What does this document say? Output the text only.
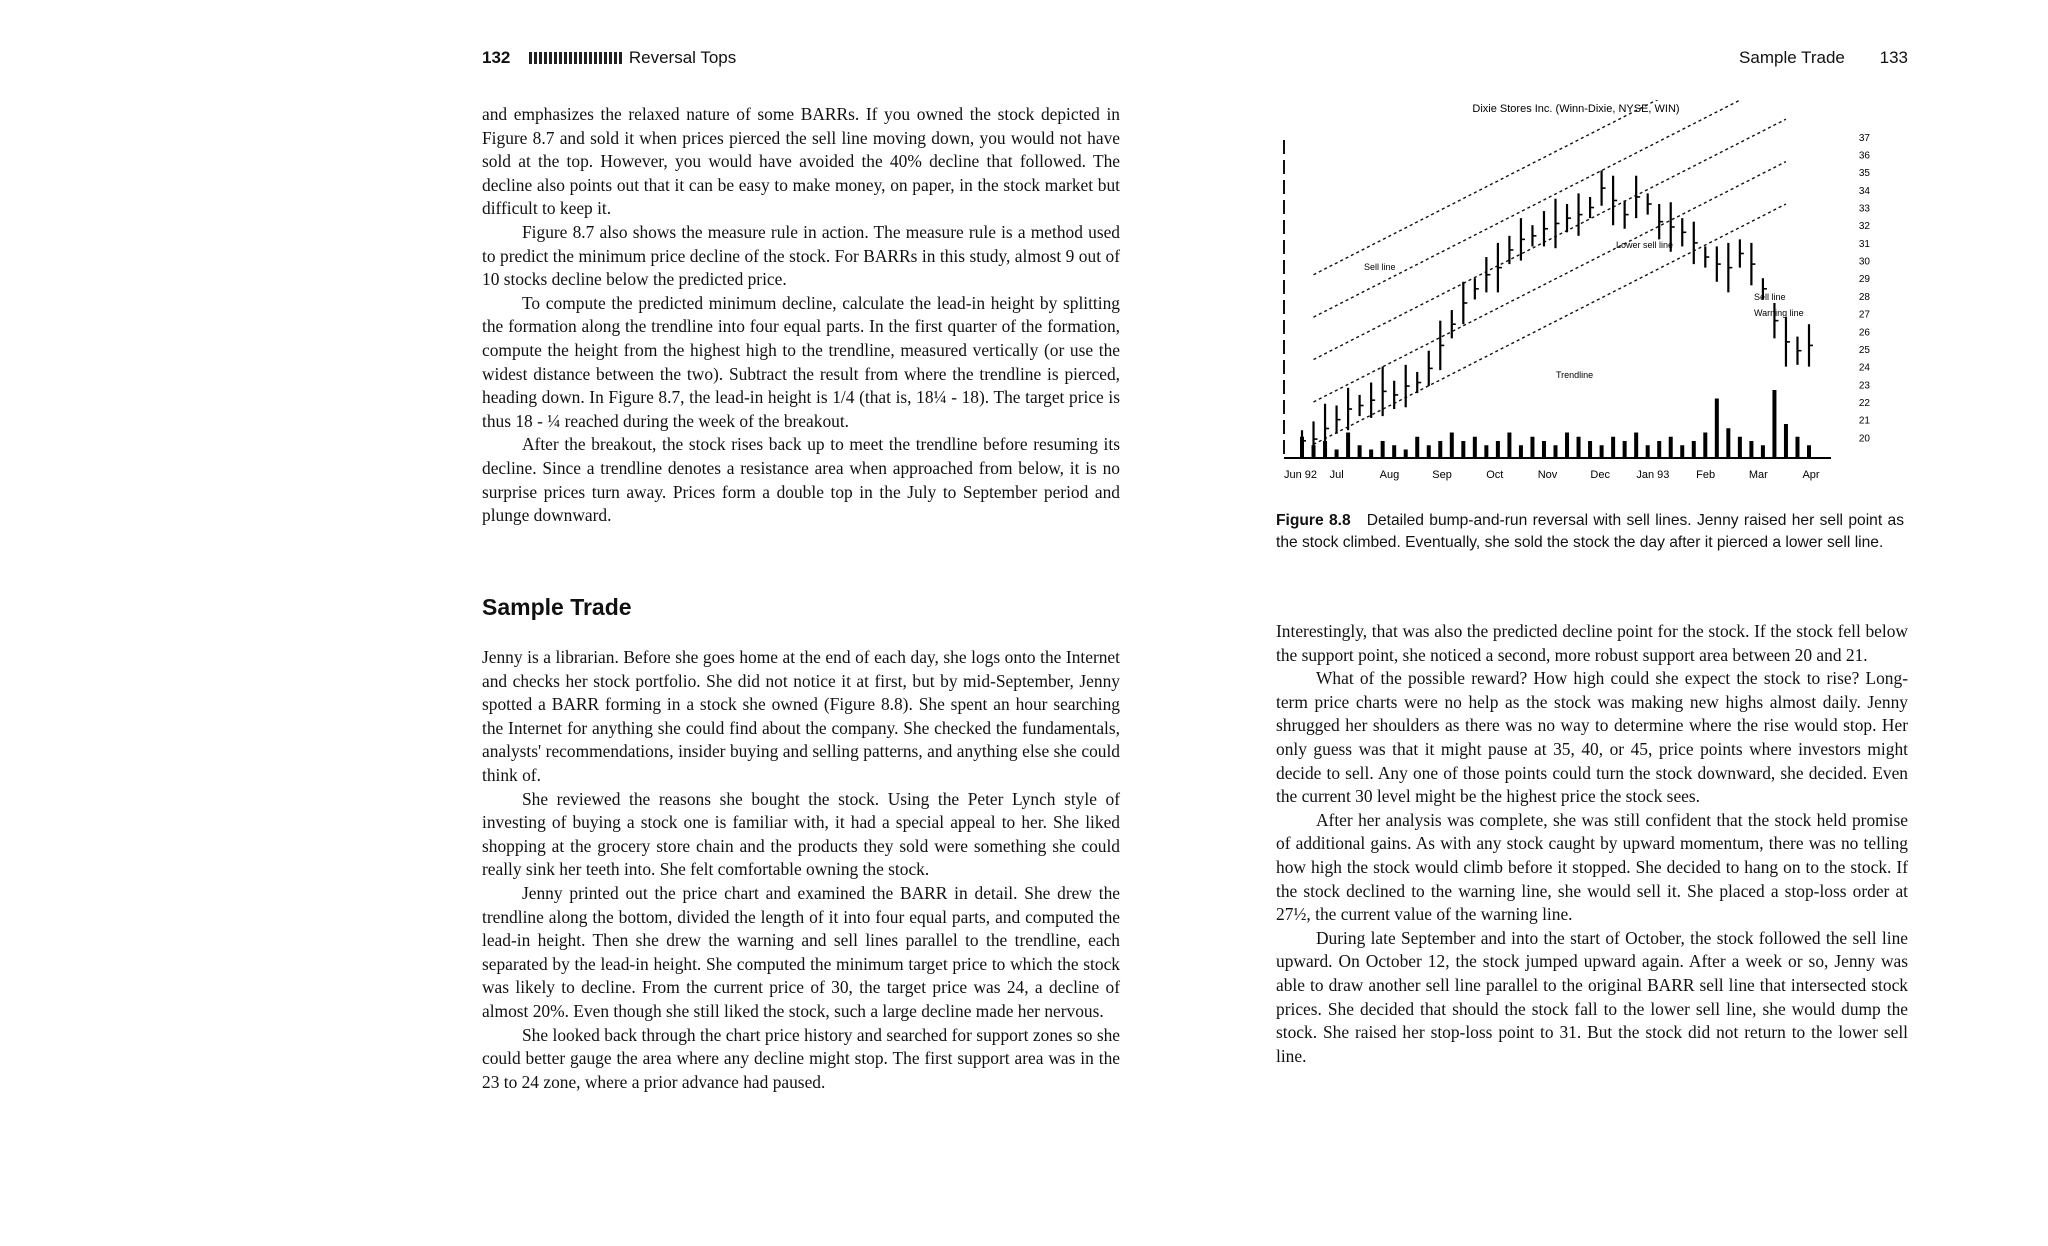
132	Reversal Tops

and emphasizes the relaxed nature of some BARRs. If you owned the stock depicted in Figure 8.7 and sold it when prices pierced the sell line moving down, you would not have sold at the top. However, you would have avoided the 40% decline that followed. The decline also points out that it can be easy to make money, on paper, in the stock market but difficult to keep it.

Figure 8.7 also shows the measure rule in action. The measure rule is a method used to predict the minimum price decline of the stock. For BARRs in this study, almost 9 out of 10 stocks decline below the predicted price.

To compute the predicted minimum decline, calculate the lead-in height by splitting the formation along the trendline into four equal parts. In the first quarter of the formation, compute the height from the highest high to the trendline, measured vertically (or use the widest distance between the two). Subtract the result from where the trendline is pierced, heading down. In Figure 8.7, the lead-in height is 1/4 (that is, 18¼ - 18). The target price is thus 18 - ¼ reached during the week of the breakout.

After the breakout, the stock rises back up to meet the trendline before resuming its decline. Since a trendline denotes a resistance area when approached from below, it is no surprise prices turn away. Prices form a double top in the July to September period and plunge downward.

Sample Trade

Jenny is a librarian. Before she goes home at the end of each day, she logs onto the Internet and checks her stock portfolio. She did not notice it at first, but by mid-September, Jenny spotted a BARR forming in a stock she owned (Figure 8.8). She spent an hour searching the Internet for anything she could find about the company. She checked the fundamentals, analysts' recommendations, insider buying and selling patterns, and anything else she could think of.

She reviewed the reasons she bought the stock. Using the Peter Lynch style of investing of buying a stock one is familiar with, it had a special appeal to her. She liked shopping at the grocery store chain and the products they sold were something she could really sink her teeth into. She felt comfortable owning the stock.

Jenny printed out the price chart and examined the BARR in detail. She drew the trendline along the bottom, divided the length of it into four equal parts, and computed the lead-in height. Then she drew the warning and sell lines parallel to the trendline, each separated by the lead-in height. She computed the minimum target price to which the stock was likely to decline. From the current price of 30, the target price was 24, a decline of almost 20%. Even though she still liked the stock, such a large decline made her nervous.

She looked back through the chart price history and searched for support zones so she could better gauge the area where any decline might stop. The first support area was in the 23 to 24 zone, where a prior advance had paused.

Sample Trade 133
Dixie Stores Inc. (Winn-Dixie, NYSE, WIN)
20
21
22
23
24
25
26
27
28
29
30
31
32
33
34
35
36
37
Jun 92 Jul	Aug	Sep	Oct	Nov	Dec Jan 93 Feb	Mar	Apr
Sell line
Lower sell line
Trendline
Sell line
Warning line
Figure 8.8 Detailed bump-and-run reversal with sell lines. Jenny raised her sell point as the stock climbed. Eventually, she sold the stock the day after it pierced a lower sell line.

Interestingly, that was also the predicted decline point for the stock. If the stock fell below the support point, she noticed a second, more robust support area between 20 and 21.

What of the possible reward? How high could she expect the stock to rise? Long-term price charts were no help as the stock was making new highs almost daily. Jenny shrugged her shoulders as there was no way to determine where the rise would stop. Her only guess was that it might pause at 35, 40, or 45, price points where investors might decide to sell. Any one of those points could turn the stock downward, she decided. Even the current 30 level might be the highest price the stock sees.

After her analysis was complete, she was still confident that the stock held promise of additional gains. As with any stock caught by upward momentum, there was no telling how high the stock would climb before it stopped. She decided to hang on to the stock. If the stock declined to the warning line, she would sell it. She placed a stop-loss order at 27½, the current value of the warning line.

During late September and into the start of October, the stock followed the sell line upward. On October 12, the stock jumped upward again. After a week or so, Jenny was able to draw another sell line parallel to the original BARR sell line that intersected stock prices. She decided that should the stock fall to the lower sell line, she would dump the stock. She raised her stop-loss point to 31. But the stock did not return to the lower sell line.
